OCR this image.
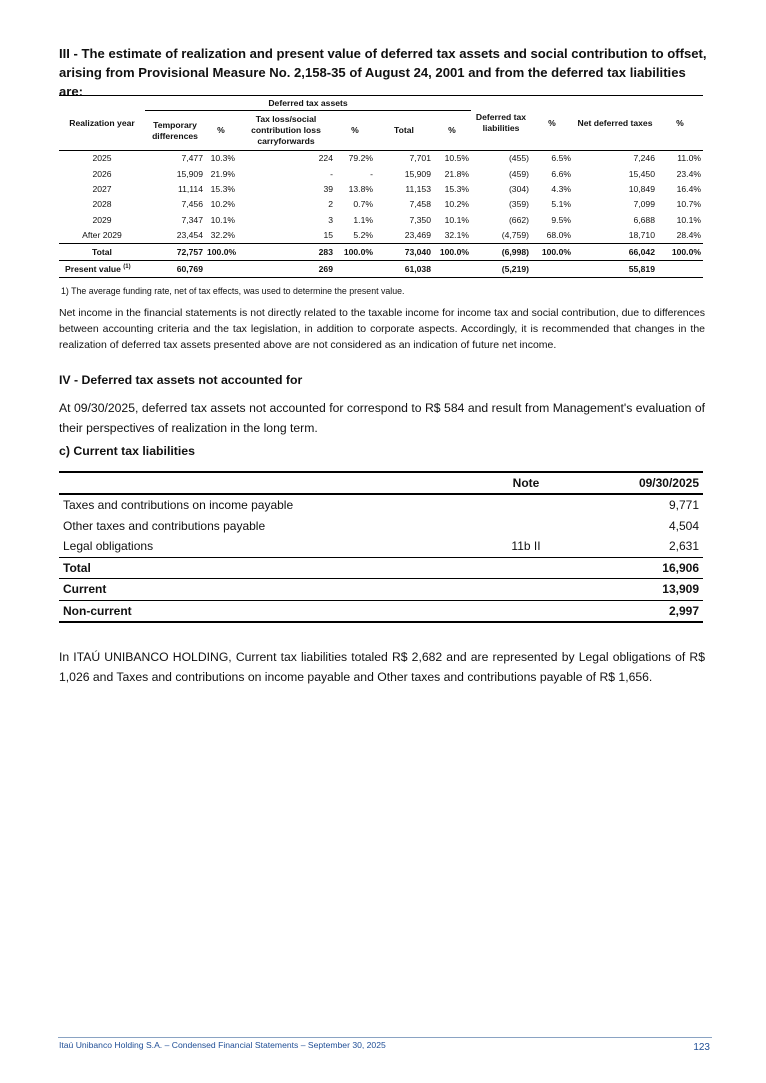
III - The estimate of realization and present value of deferred tax assets and social contribution to offset, arising from Provisional Measure No. 2,158-35 of August 24, 2001 and from the deferred tax liabilities are:

Realization year	Deferred tax assets						Deferred tax liabilities	%	Net deferred taxes	%
	Temporary differences	%	Tax loss/social contribution loss carryforwards	%	Total	%				

2025	7,477	10.3%	224	79.2%	7,701	10.5%	(455)	6.5%	7,246	11.0%
2026	15,909	21.9%	-	-	15,909	21.8%	(459)	6.6%	15,450	23.4%
2027	11,114	15.3%	39	13.8%	11,153	15.3%	(304)	4.3%	10,849	16.4%
2028	7,456	10.2%	2	0.7%	7,458	10.2%	(359)	5.1%	7,099	10.7%
2029	7,347	10.1%	3	1.1%	7,350	10.1%	(662)	9.5%	6,688	10.1%
After 2029	23,454	32.2%	15	5.2%	23,469	32.1%	(4,759)	68.0%	18,710	28.4%
Total	72,757	100.0%	283	100.0%	73,040	100.0%	(6,998)	100.0%	66,042	100.0%
Present value $^{(1)}$	60,769		269		61,038		(5,219)		55,819	
1) The average funding rate, net of tax effects, was used to determine the present value.
Net income in the financial statements is not directly related to the taxable income for income tax and social contribution, due to differences between accounting criteria and the tax legislation, in addition to corporate aspects. Accordingly, it is recommended that changes in the realization of deferred tax assets presented above are not considered as an indication of future net income.
IV - Deferred tax assets not accounted for
At 09/30/2025, deferred tax assets not accounted for correspond to R$ 584 and result from Management's evaluation of their perspectives of realization in the long term.
c) Current tax liabilities
	Note	09/30/2025
Taxes and contributions on income payable		9,771
Other taxes and contributions payable		4,504
Legal obligations	11b II	2,631
Total		16,906
Current		13,909
Non-current		2,997
In ITAÚ UNIBANCO HOLDING, Current tax liabilities totaled R$ 2,682 and are represented by Legal obligations of R$ 1,026 and Taxes and contributions on income payable and Other taxes and contributions payable of R$ 1,656.
Itaú Unibanco Holding S.A. – Condensed Financial Statements – September 30, 2025	123
